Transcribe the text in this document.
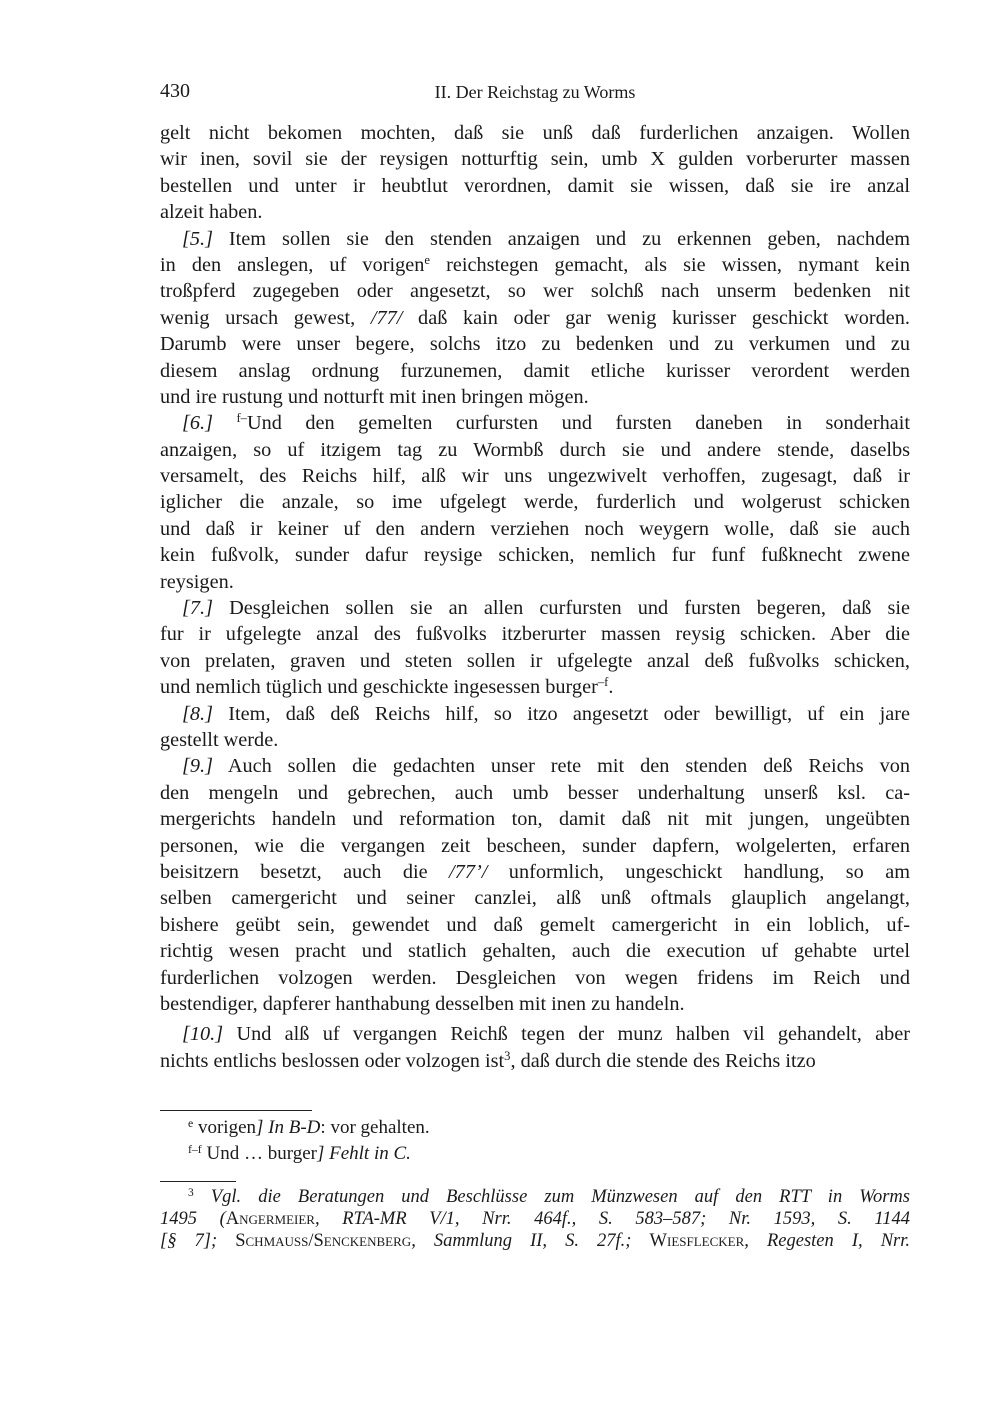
430	II. Der Reichstag zu Worms
gelt nicht bekomen mochten, daß sie unß daß furderlichen anzaigen. Wollen
wir inen, sovil sie der reysigen notturftig sein, umb X gulden vorberurter massen
bestellen und unter ir heubtlut verordnen, damit sie wissen, daß sie ire anzal
alzeit haben.
[5.] Item sollen sie den stenden anzaigen und zu erkennen geben, nachdem
in den anslegen, uf vorigen$^e$ reichstegen gemacht, als sie wissen, nymant kein
troßpferd zugegeben oder angesetzt, so wer solchß nach unserm bedenken nit
wenig ursach gewest, /77/ daß kain oder gar wenig kurisser geschickt worden.
Darumb were unser begere, solchs itzo zu bedenken und zu verkumen und zu
diesem anslag ordnung furzunemen, damit etliche kurisser verordent werden
und ire rustung und notturft mit inen bringen mögen.
[6.] $^{f-}$Und den gemelten curfursten und fursten daneben in sonderhait
anzaigen, so uf itzigem tag zu Wormbß durch sie und andere stende, daselbs
versamelt, des Reichs hilf, alß wir uns ungezwivelt verhoffen, zugesagt, daß ir
iglicher die anzale, so ime ufgelegt werde, furderlich und wolgerust schicken
und daß ir keiner uf den andern verziehen noch weygern wolle, daß sie auch
kein fußvolk, sunder dafur reysige schicken, nemlich fur funf fußknecht zwene
reysigen.
[7.] Desgleichen sollen sie an allen curfursten und fursten begeren, daß sie
fur ir ufgelegte anzal des fußvolks itzberurter massen reysig schicken. Aber die
von prelaten, graven und steten sollen ir ufgelegte anzal deß fußvolks schicken,
und nemlich tüglich und geschickte ingesessen burger$^{-f}$.
[8.] Item, daß deß Reichs hilf, so itzo angesetzt oder bewilligt, uf ein jare
gestellt werde.
[9.] Auch sollen die gedachten unser rete mit den stenden deß Reichs von
den mengeln und gebrechen, auch umb besser underhaltung unserß ksl. ca-
mergerichts handeln und reformation ton, damit daß nit mit jungen, ungeübten
personen, wie die vergangen zeit bescheen, sunder dapfern, wolgelerten, erfaren
beisitzern besetzt, auch die /77’/ unformlich, ungeschickt handlung, so am
selben camergericht und seiner canzlei, alß unß oftmals glauplich angelangt,
bishere geübt sein, gewendet und daß gemelt camergericht in ein loblich, uf-
richtig wesen pracht und statlich gehalten, auch die execution uf gehabte urtel
furderlichen volzogen werden. Desgleichen von wegen fridens im Reich und
bestendiger, dapferer hanthabung desselben mit inen zu handeln.
[10.] Und alß uf vergangen Reichß tegen der munz halben vil gehandelt, aber
nichts entlichs beslossen oder volzogen ist$^3$, daß durch die stende des Reichs itzo
$^e$ vorigen] In B-D: vor gehalten.
$^{f-f}$ Und … burger] Fehlt in C.
$^3$ Vgl. die Beratungen und Beschlüsse zum Münzwesen auf den RTT in Worms
1495 (Angermeier, RTA-MR V/1, Nrr. 464f., S. 583–587; Nr. 1593, S. 1144
[§ 7]; Schmauss/Senckenberg, Sammlung II, S. 27f.; Wiesflecker, Regesten I, Nrr.
